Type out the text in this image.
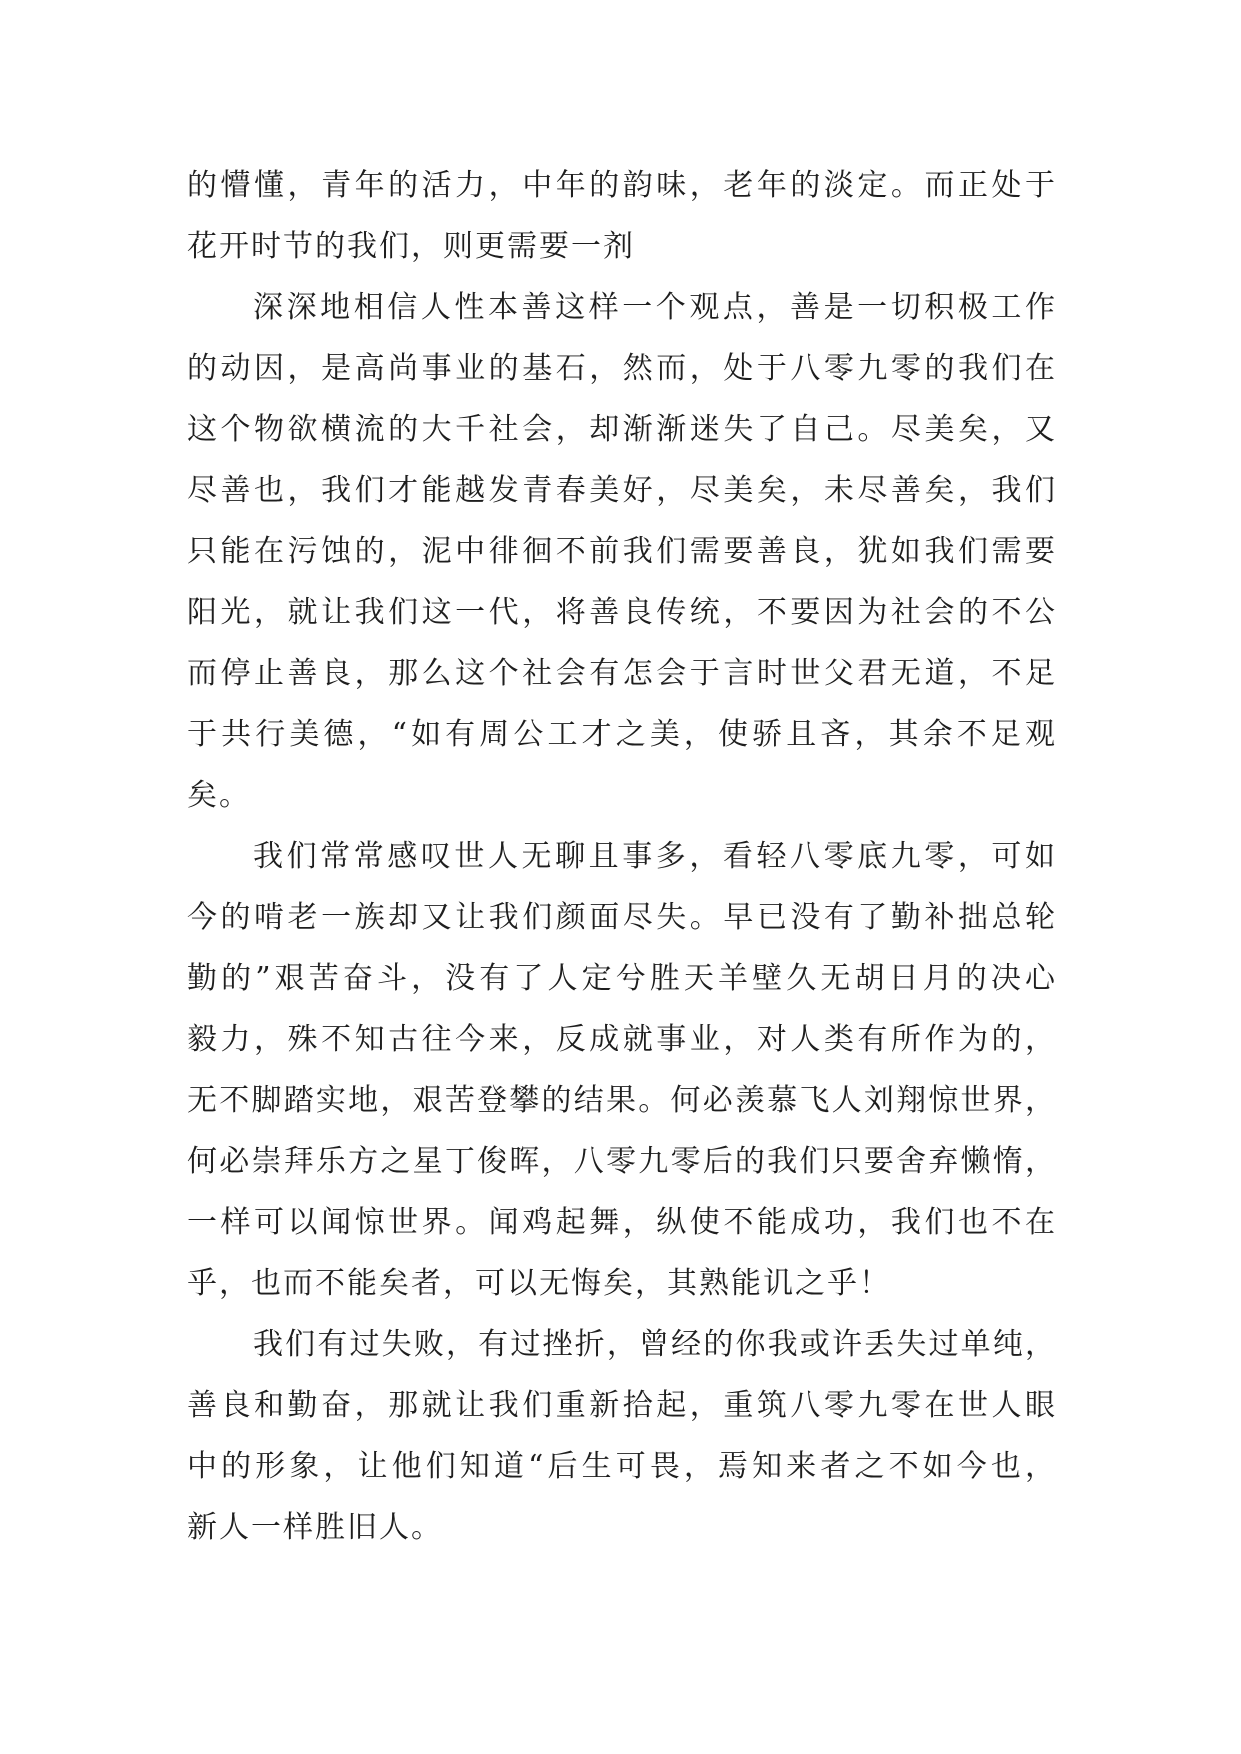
的懵懂，青年的活力，中年的韵味，老年的淡定。而正处于
花开时节的我们，则更需要一剂
深深地相信人性本善这样一个观点，善是一切积极工作
的动因，是高尚事业的基石，然而，处于八零九零的我们在
这个物欲横流的大千社会，却渐渐迷失了自己。尽美矣，又
尽善也，我们才能越发青春美好，尽美矣，未尽善矣，我们
只能在污蚀的，泥中徘徊不前我们需要善良，犹如我们需要
阳光，就让我们这一代，将善良传统，不要因为社会的不公
而停止善良，那么这个社会有怎会于言时世父君无道，不足
于共行美德，“如有周公工才之美，使骄且吝，其余不足观
矣。
我们常常感叹世人无聊且事多，看轻八零底九零，可如
今的啃老一族却又让我们颜面尽失。早已没有了勤补拙总轮
勤的”艰苦奋斗，没有了人定兮胜天羊壁久无胡日月的决心
毅力，殊不知古往今来，反成就事业，对人类有所作为的，
无不脚踏实地，艰苦登攀的结果。何必羡慕飞人刘翔惊世界，
何必崇拜乐方之星丁俊晖，八零九零后的我们只要舍弃懒惰，
一样可以闻惊世界。闻鸡起舞，纵使不能成功，我们也不在
乎，也而不能矣者，可以无悔矣，其熟能讥之乎！
我们有过失败，有过挫折，曾经的你我或许丢失过单纯，
善良和勤奋，那就让我们重新拾起，重筑八零九零在世人眼
中的形象，让他们知道“后生可畏，焉知来者之不如今也，
新人一样胜旧人。
